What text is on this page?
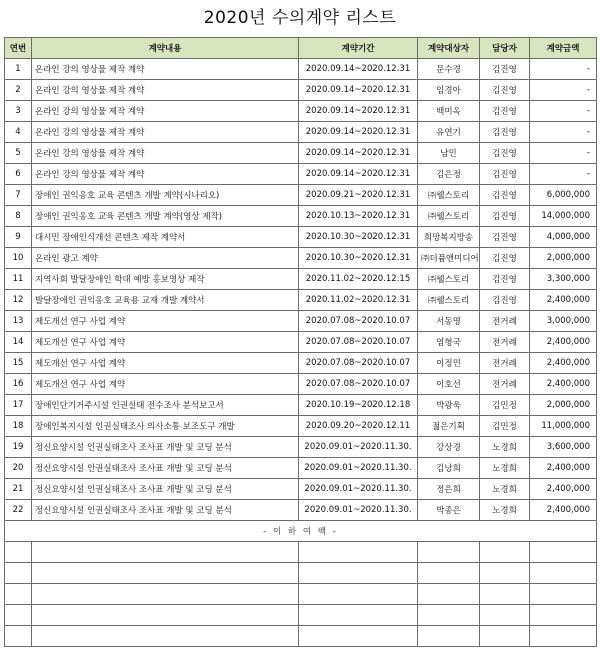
2020년 수의계약 리스트
연번	계약내용	계약기간	계약대상자	담당자	계약금액
1	온라인 강의 영상물 제작 계약	2020.09.14~2020.12.31	문수경	김진영	-
2	온라인 강의 영상물 제작 계약	2020.09.14~2020.12.31	임경아	김진영	-
3	온라인 강의 영상물 제작 계약	2020.09.14~2020.12.31	백미옥	김진영	-
4	온라인 강의 영상물 제작 계약	2020.09.14~2020.12.31	유연기	김진영	-
5	온라인 강의 영상물 제작 계약	2020.09.14~2020.12.31	남민	김진영	-
6	온라인 강의 영상물 제작 계약	2020.09.14~2020.12.31	김은정	김진영	-
7	장애인 권익옹호 교육 콘텐츠 개발 계약(시나리오)	2020.09.21~2020.12.31	㈜웰스토리	김진영	6,000,000
8	장애인 권익옹호 교육 콘텐츠 개발 계약(영상 제작)	2020.10.13~2020.12.31	㈜웰스토리	김진영	14,000,000
9	대시민 장애인식개선 콘텐츠 제작 계약서	2020.10.30~2020.12.31	희망복지방송	김진영	4,000,000
10	온라인 광고 계약	2020.10.30~2020.12.31	㈜더퓸앤미디어	김진영	2,000,000
11	지역사회 발달장애인 학대 예방 홍보영상 제작	2020.11.02~2020.12.15	㈜웰스토리	김진영	3,300,000
12	발달장애인 권익옹호 교육용 교재 개발 계약서	2020.11.02~2020.12.31	㈜웰스토리	김진영	2,400,000
13	제도개선 연구 사업 계약	2020.07.08~2020.10.07	서동명	전거례	3,000,000
14	제도개선 연구 사업 계약	2020.07.08~2020.10.07	염형국	전거례	2,400,000
15	제도개선 연구 사업 계약	2020.07.08~2020.10.07	이정민	전거례	2,400,000
16	제도개선 연구 사업 계약	2020.07.08~2020.10.07	이호선	전거례	2,400,000
17	장애인단기거주시설 인권실태 전수조사 분석보고서	2020.10.19~2020.12.18	박광욱	김민정	2,000,000
18	장애인복지시설 인권실태조사 의사소통 보조도구 개발	2020.09.20~2020.12.11	젊은기획	김민정	11,000,000
19	정신요양시설 인권실태조사 조사표 개발 및 코딩 분석	2020.09.01~2020.11.30.	강상경	노경희	3,600,000
20	정신요양시설 인권실태조사 조사표 개발 및 코딩 분석	2020.09.01~2020.11.30.	김낭희	노경희	2,400,000
21	정신요양시설 인권실태조사 조사표 개발 및 코딩 분석	2020.09.01~2020.11.30.	정은희	노경희	2,400,000
22	정신요양시설 인권실태조사 조사표 개발 및 코딩 분석	2020.09.01~2020.11.30.	박종은	노경희	2,400,000
- 이 하 여 백 -					
